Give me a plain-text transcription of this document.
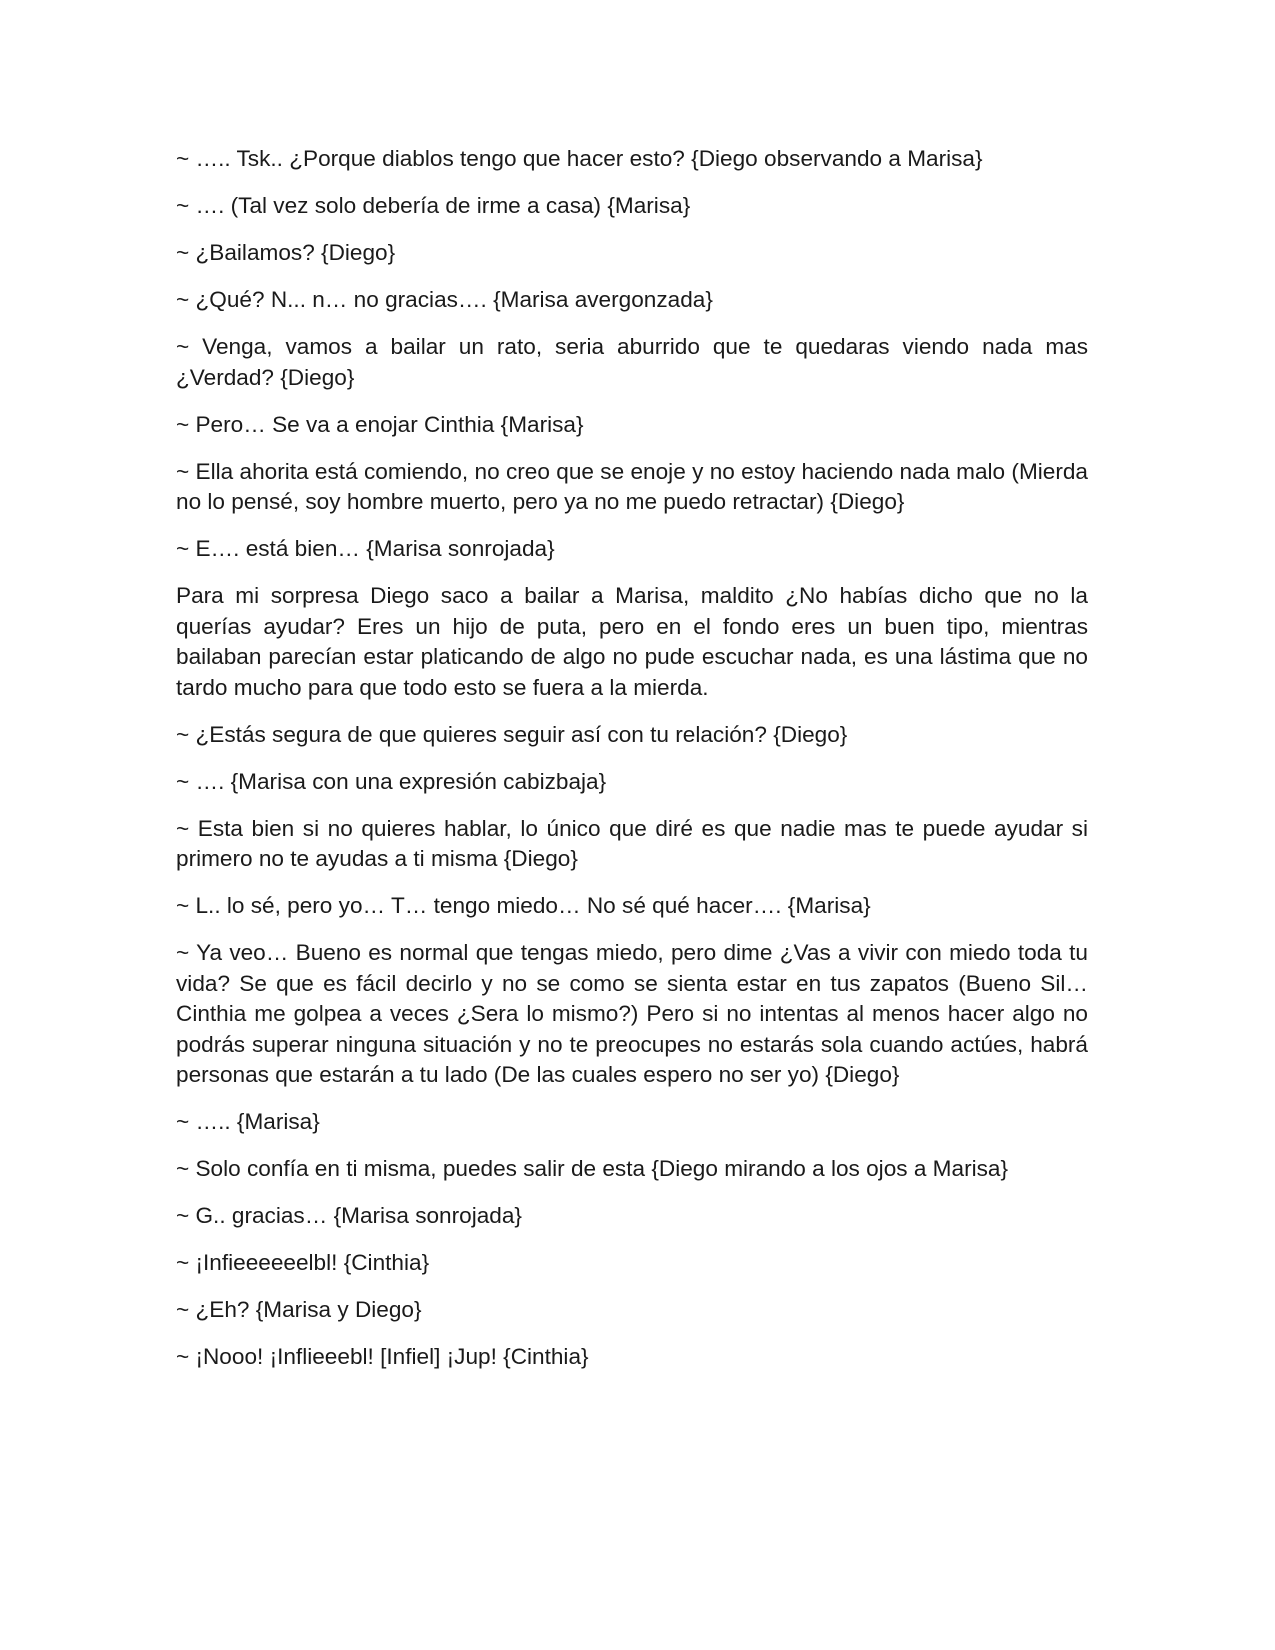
~ ….. Tsk.. ¿Porque diablos tengo que hacer esto? {Diego observando a Marisa}

~ …. (Tal vez solo debería de irme a casa) {Marisa}

~ ¿Bailamos? {Diego}

~ ¿Qué? N... n… no gracias…. {Marisa avergonzada}

~ Venga, vamos a bailar un rato, seria aburrido que te quedaras viendo nada mas ¿Verdad? {Diego}

~ Pero… Se va a enojar Cinthia {Marisa}

~ Ella ahorita está comiendo, no creo que se enoje y no estoy haciendo nada malo (Mierda no lo pensé, soy hombre muerto, pero ya no me puedo retractar) {Diego}

~ E…. está bien… {Marisa sonrojada}

Para mi sorpresa Diego saco a bailar a Marisa, maldito ¿No habías dicho que no la querías ayudar? Eres un hijo de puta, pero en el fondo eres un buen tipo, mientras bailaban parecían estar platicando de algo no pude escuchar nada, es una lástima que no tardo mucho para que todo esto se fuera a la mierda.

~ ¿Estás segura de que quieres seguir así con tu relación? {Diego}

~ …. {Marisa con una expresión cabizbaja}

~ Esta bien si no quieres hablar, lo único que diré es que nadie mas te puede ayudar si primero no te ayudas a ti misma {Diego}

~ L.. lo sé, pero yo… T… tengo miedo… No sé qué hacer…. {Marisa}

~ Ya veo… Bueno es normal que tengas miedo, pero dime ¿Vas a vivir con miedo toda tu vida? Se que es fácil decirlo y no se como se sienta estar en tus zapatos (Bueno Sil… Cinthia me golpea a veces ¿Sera lo mismo?) Pero si no intentas al menos hacer algo no podrás superar ninguna situación y no te preocupes no estarás sola cuando actúes, habrá personas que estarán a tu lado (De las cuales espero no ser yo) {Diego}

~ ….. {Marisa}

~ Solo confía en ti misma, puedes salir de esta {Diego mirando a los ojos a Marisa}

~ G.. gracias… {Marisa sonrojada}

~ ¡Infieeeeeelbl! {Cinthia}

~ ¿Eh? {Marisa y Diego}

~ ¡Nooo! ¡Inflieeebl! [Infiel] ¡Jup! {Cinthia}
